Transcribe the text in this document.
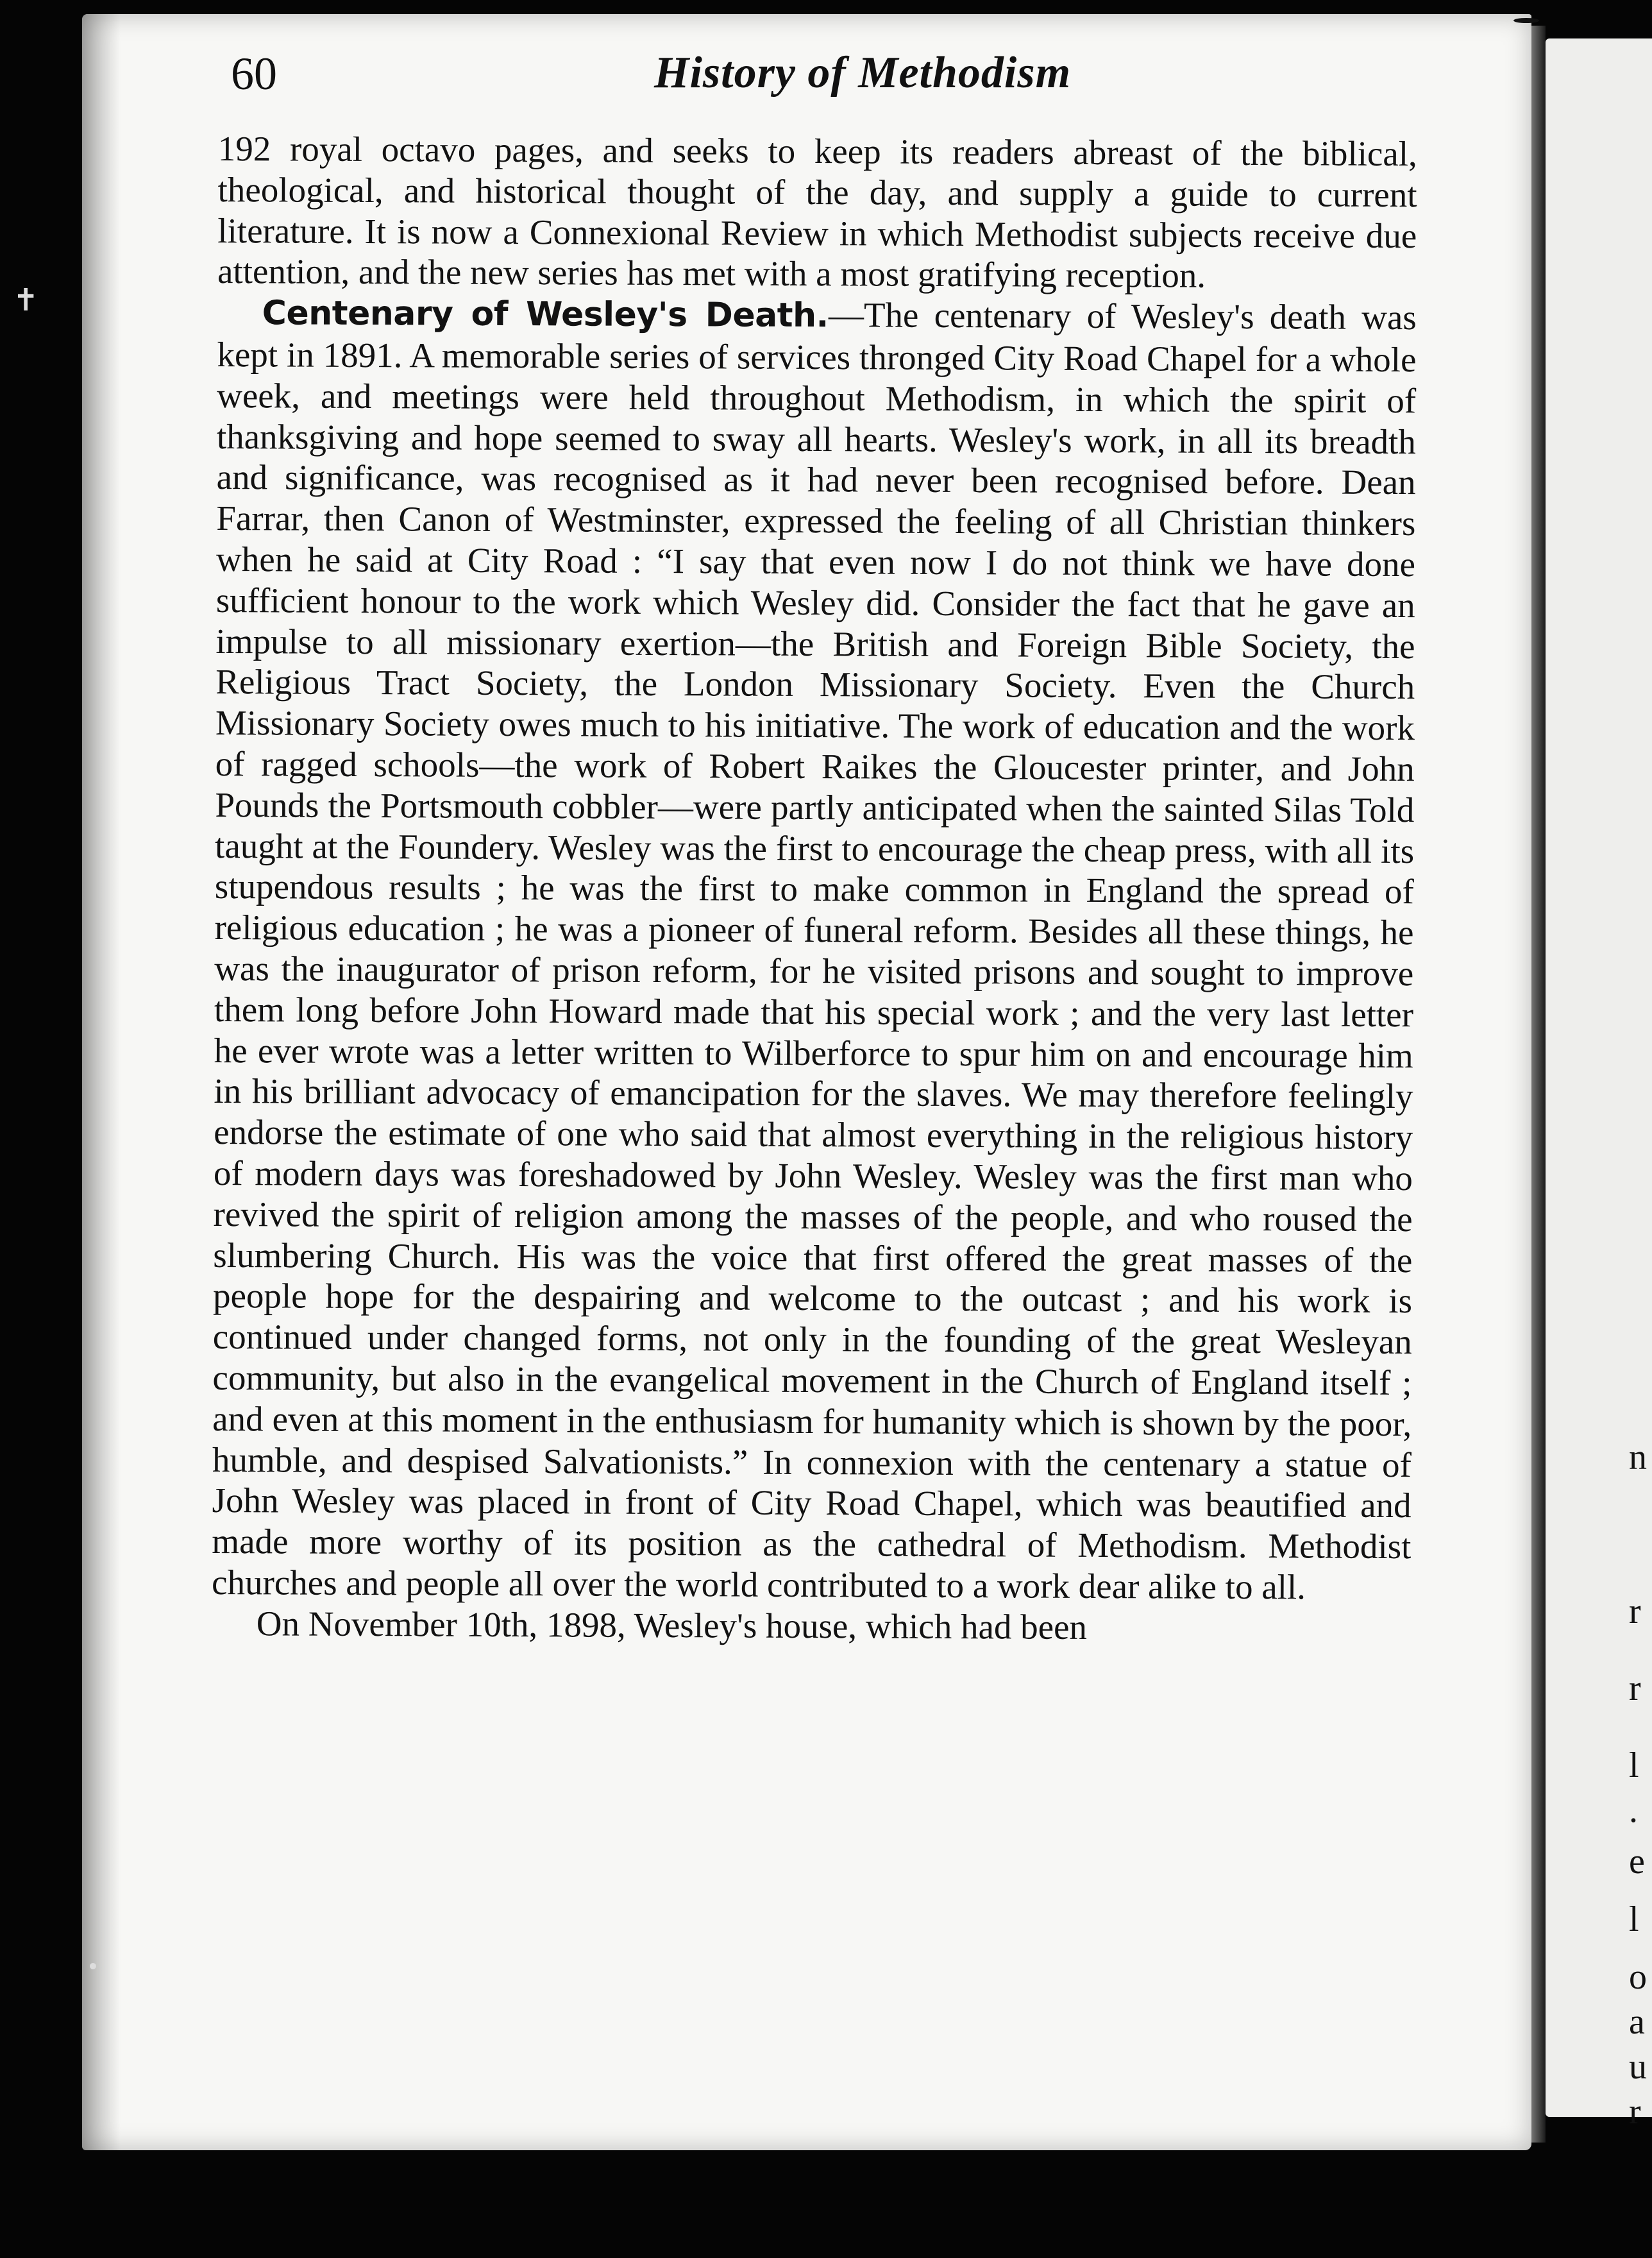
n
r
r
l
.
e
l
o
a
u
r
60	History of Methodism

192 royal octavo pages, and seeks to keep its readers abreast of the biblical, theological, and historical thought of the day, and supply a guide to current literature. It is now a Connexional Review in which Methodist subjects receive due attention, and the new series has met with a most gratifying reception.

Centenary of Wesley's Death.—The centenary of Wesley's death was kept in 1891. A memorable series of services thronged City Road Chapel for a whole week, and meetings were held throughout Methodism, in which the spirit of thanksgiving and hope seemed to sway all hearts. Wesley's work, in all its breadth and significance, was recognised as it had never been recognised before. Dean Farrar, then Canon of Westminster, expressed the feeling of all Christian thinkers when he said at City Road : “I say that even now I do not think we have done sufficient honour to the work which Wesley did. Consider the fact that he gave an impulse to all missionary exertion—the British and Foreign Bible Society, the Religious Tract Society, the London Missionary Society. Even the Church Missionary Society owes much to his initiative. The work of education and the work of ragged schools—the work of Robert Raikes the Gloucester printer, and John Pounds the Portsmouth cobbler—were partly anticipated when the sainted Silas Told taught at the Foundery. Wesley was the first to encourage the cheap press, with all its stupendous results ; he was the first to make common in England the spread of religious education ; he was a pioneer of funeral reform. Besides all these things, he was the inaugurator of prison reform, for he visited prisons and sought to improve them long before John Howard made that his special work ; and the very last letter he ever wrote was a letter written to Wilberforce to spur him on and encourage him in his brilliant advocacy of emancipation for the slaves. We may therefore feelingly endorse the estimate of one who said that almost everything in the religious history of modern days was foreshadowed by John Wesley. Wesley was the first man who revived the spirit of religion among the masses of the people, and who roused the slumbering Church. His was the voice that first offered the great masses of the people hope for the despairing and welcome to the outcast ; and his work is continued under changed forms, not only in the founding of the great Wesleyan community, but also in the evangelical movement in the Church of England itself ; and even at this moment in the enthusiasm for humanity which is shown by the poor, humble, and despised Salvationists.” In connexion with the centenary a statue of John Wesley was placed in front of City Road Chapel, which was beautified and made more worthy of its position as the cathedral of Methodism. Methodist churches and people all over the world contributed to a work dear alike to all.

On November 10th, 1898, Wesley's house, which had been

✝
